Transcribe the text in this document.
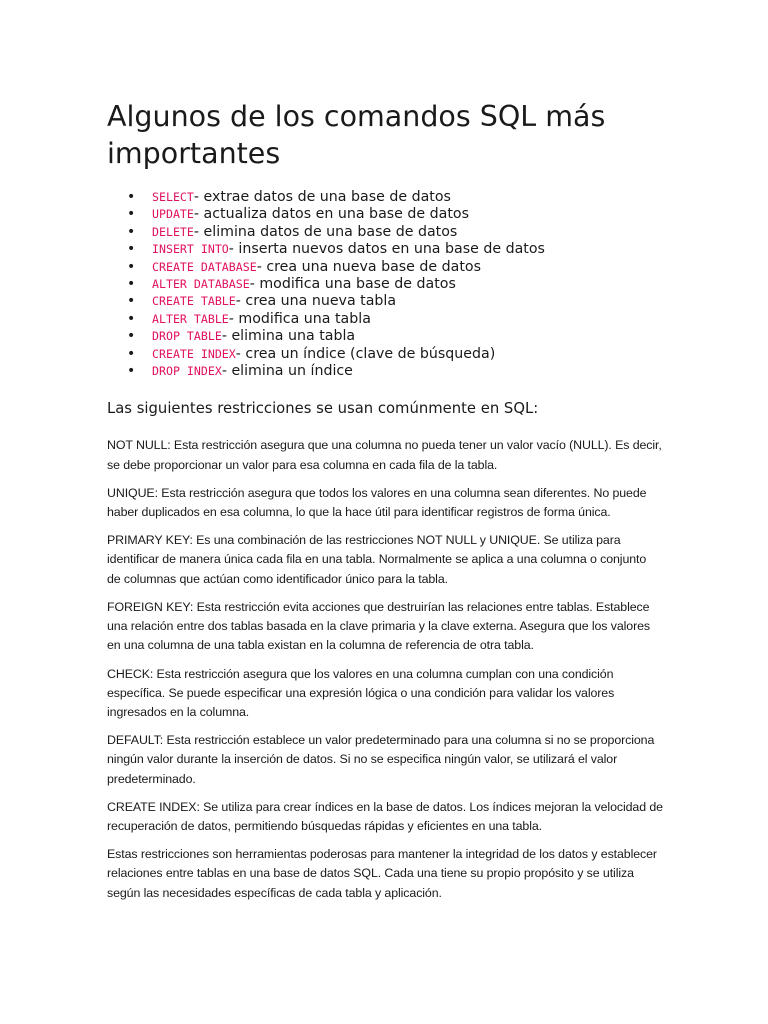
Algunos de los comandos SQL más importantes
• SELECT- extrae datos de una base de datos
• UPDATE- actualiza datos en una base de datos
• DELETE- elimina datos de una base de datos
• INSERT INTO- inserta nuevos datos en una base de datos
• CREATE DATABASE- crea una nueva base de datos
• ALTER DATABASE- modifica una base de datos
• CREATE TABLE- crea una nueva tabla
• ALTER TABLE- modifica una tabla
• DROP TABLE- elimina una tabla
• CREATE INDEX- crea un índice (clave de búsqueda)
• DROP INDEX- elimina un índice
Las siguientes restricciones se usan comúnmente en SQL:

NOT NULL: Esta restricción asegura que una columna no pueda tener un valor vacío (NULL). Es decir, se debe proporcionar un valor para esa columna en cada fila de la tabla.

UNIQUE: Esta restricción asegura que todos los valores en una columna sean diferentes. No puede haber duplicados en esa columna, lo que la hace útil para identificar registros de forma única.

PRIMARY KEY: Es una combinación de las restricciones NOT NULL y UNIQUE. Se utiliza para identificar de manera única cada fila en una tabla. Normalmente se aplica a una columna o conjunto de columnas que actúan como identificador único para la tabla.

FOREIGN KEY: Esta restricción evita acciones que destruirían las relaciones entre tablas. Establece una relación entre dos tablas basada en la clave primaria y la clave externa. Asegura que los valores en una columna de una tabla existan en la columna de referencia de otra tabla.

CHECK: Esta restricción asegura que los valores en una columna cumplan con una condición específica. Se puede especificar una expresión lógica o una condición para validar los valores ingresados en la columna.

DEFAULT: Esta restricción establece un valor predeterminado para una columna si no se proporciona ningún valor durante la inserción de datos. Si no se especifica ningún valor, se utilizará el valor predeterminado.

CREATE INDEX: Se utiliza para crear índices en la base de datos. Los índices mejoran la velocidad de recuperación de datos, permitiendo búsquedas rápidas y eficientes en una tabla.

Estas restricciones son herramientas poderosas para mantener la integridad de los datos y establecer relaciones entre tablas en una base de datos SQL. Cada una tiene su propio propósito y se utiliza según las necesidades específicas de cada tabla y aplicación.
